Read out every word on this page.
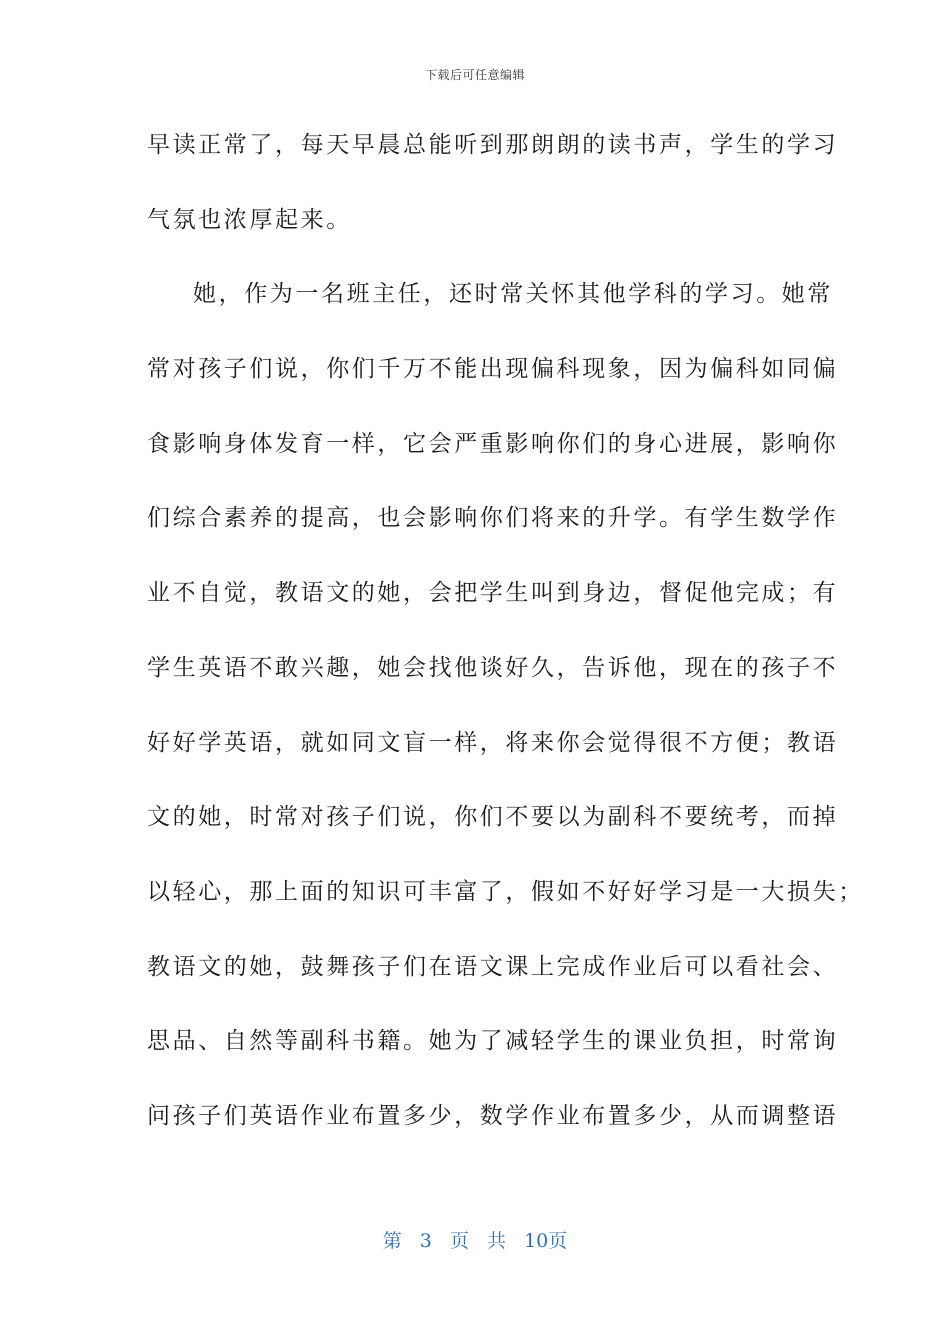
下载后可任意编辑
早读正常了，每天早晨总能听到那朗朗的读书声，学生的学习
气氛也浓厚起来。
她，作为一名班主任，还时常关怀其他学科的学习。她常
常对孩子们说，你们千万不能出现偏科现象，因为偏科如同偏
食影响身体发育一样，它会严重影响你们的身心进展，影响你
们综合素养的提高，也会影响你们将来的升学。有学生数学作
业不自觉，教语文的她，会把学生叫到身边，督促他完成；有
学生英语不敢兴趣，她会找他谈好久，告诉他，现在的孩子不
好好学英语，就如同文盲一样，将来你会觉得很不方便；教语
文的她，时常对孩子们说，你们不要以为副科不要统考，而掉
以轻心，那上面的知识可丰富了，假如不好好学习是一大损失；
教语文的她，鼓舞孩子们在语文课上完成作业后可以看社会、
思品、自然等副科书籍。她为了减轻学生的课业负担，时常询
问孩子们英语作业布置多少，数学作业布置多少，从而调整语
第 3 页 共 10页
